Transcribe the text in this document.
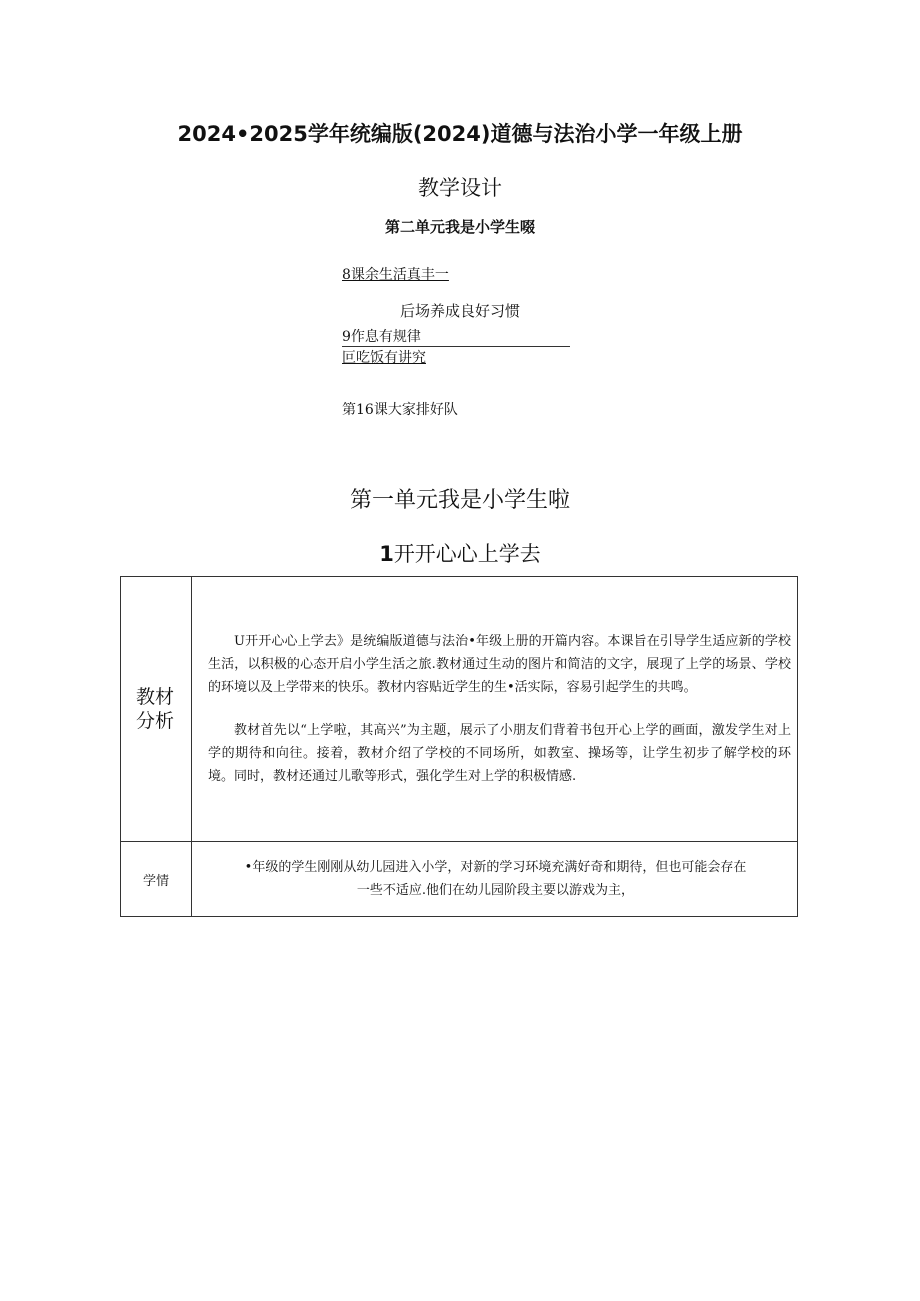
2024•2025学年统编版(2024)道德与法治小学一年级上册
教学设计
第二单元我是小学生啜
8课余生活真丰一
后场养成良好习惯
9作息有规律
叵吃饭有讲究
第16课大家排好队
第一单元我是小学生啦
1开开心心上学去
教材分析	U开开心心上学去》是统编版道德与法治•年级上册的开篇内容。本课旨在引导学生适应新的学校生活，以积极的心态开启小学生活之旅.教材通过生动的图片和简洁的文字，展现了上学的场景、学校的环境以及上学带来的快乐。教材内容贴近学生的生•活实际，容易引起学生的共鸣。

教材首先以“上学啦，其高兴”为主题，展示了小朋友们背着书包开心上学的画面，激发学生对上学的期待和向往。接着，教材介绍了学校的不同场所，如教室、操场等，让学生初步了解学校的环境。同时，教材还通过儿歌等形式，强化学生对上学的积极情感.

学情	•年级的学生刚刚从幼儿园进入小学，对新的学习环境充满好奇和期待，但也可能会存在

一些不适应.他们在幼儿园阶段主要以游戏为主，
